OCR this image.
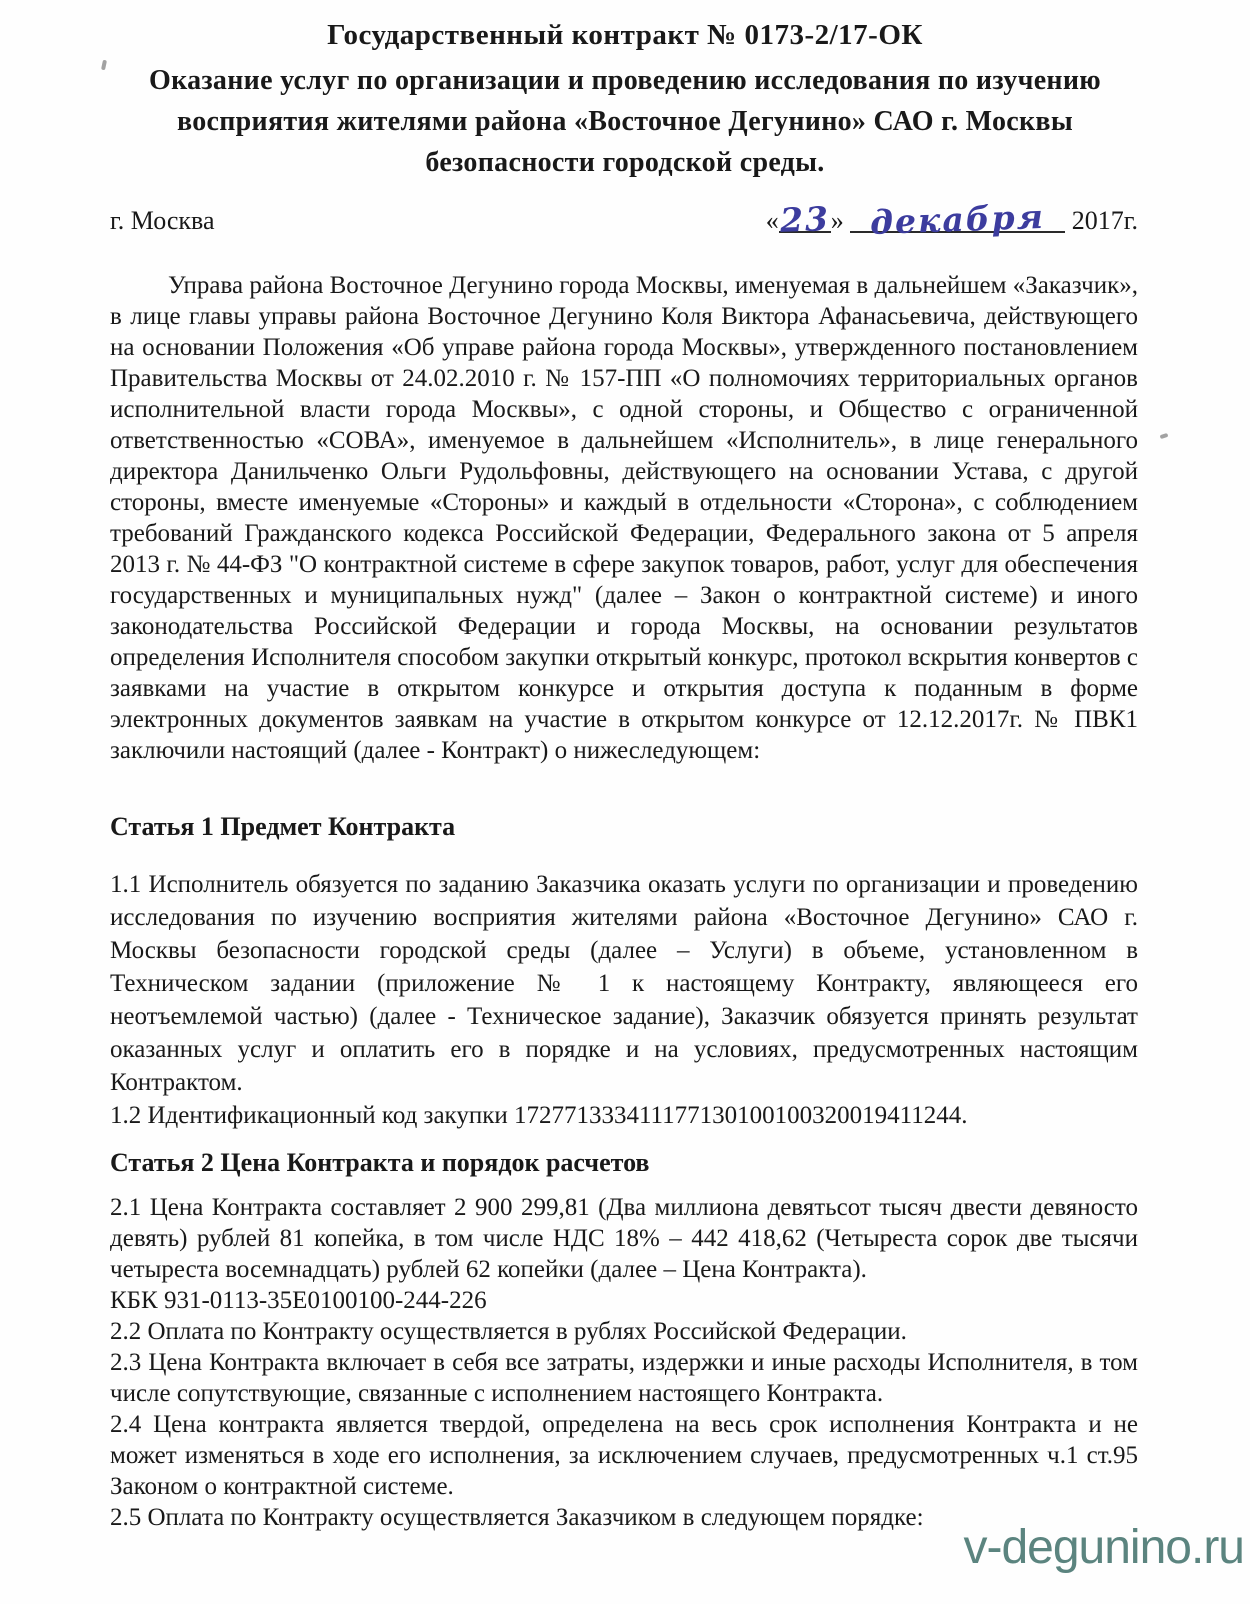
Государственный контракт № 0173-2/17-ОК
Оказание услуг по организации и проведению исследования по изучению
восприятия жителями района «Восточное Дегунино» САО г. Москвы
безопасности городской среды.
г. Москва	«23» декабря 2017г.

Управа района Восточное Дегунино города Москвы, именуемая в дальнейшем «Заказчик», в лице главы управы района Восточное Дегунино Коля Виктора Афанасьевича, действующего на основании Положения «Об управе района города Москвы», утвержденного постановлением Правительства Москвы от 24.02.2010 г. № 157-ПП «О полномочиях территориальных органов исполнительной власти города Москвы», с одной стороны, и Общество с ограниченной ответственностью «СОВА», именуемое в дальнейшем «Исполнитель», в лице генерального директора Данильченко Ольги Рудольфовны, действующего на основании Устава, с другой стороны, вместе именуемые «Стороны» и каждый в отдельности «Сторона», с соблюдением требований Гражданского кодекса Российской Федерации, Федерального закона от 5 апреля 2013 г. № 44-ФЗ "О контрактной системе в сфере закупок товаров, работ, услуг для обеспечения государственных и муниципальных нужд" (далее – Закон о контрактной системе) и иного законодательства Российской Федерации и города Москвы, на основании результатов определения Исполнителя способом закупки открытый конкурс, протокол вскрытия конвертов с заявками на участие в открытом конкурсе и открытия доступа к поданным в форме электронных документов заявкам на участие в открытом конкурсе от 12.12.2017г. № ПВК1 заключили настоящий (далее - Контракт) о нижеследующем:

Статья 1 Предмет Контракта

1.1 Исполнитель обязуется по заданию Заказчика оказать услуги по организации и проведению исследования по изучению восприятия жителями района «Восточное Дегунино» САО г. Москвы безопасности городской среды (далее – Услуги) в объеме, установленном в Техническом задании (приложение № 1 к настоящему Контракту, являющееся его неотъемлемой частью) (далее - Техническое задание), Заказчик обязуется принять результат оказанных услуг и оплатить его в порядке и на условиях, предусмотренных настоящим Контрактом.

1.2 Идентификационный код закупки 172771333411177130100100320019411244.

Статья 2 Цена Контракта и порядок расчетов

2.1 Цена Контракта составляет 2 900 299,81 (Два миллиона девятьсот тысяч двести девяносто девять) рублей 81 копейка, в том числе НДС 18% – 442 418,62 (Четыреста сорок две тысячи четыреста восемнадцать) рублей 62 копейки (далее – Цена Контракта).

КБК 931-0113-35Е0100100-244-226

2.2 Оплата по Контракту осуществляется в рублях Российской Федерации.

2.3 Цена Контракта включает в себя все затраты, издержки и иные расходы Исполнителя, в том числе сопутствующие, связанные с исполнением настоящего Контракта.

2.4 Цена контракта является твердой, определена на весь срок исполнения Контракта и не может изменяться в ходе его исполнения, за исключением случаев, предусмотренных ч.1 ст.95 Законом о контрактной системе.

2.5 Оплата по Контракту осуществляется Заказчиком в следующем порядке:

v-degunino.ru
